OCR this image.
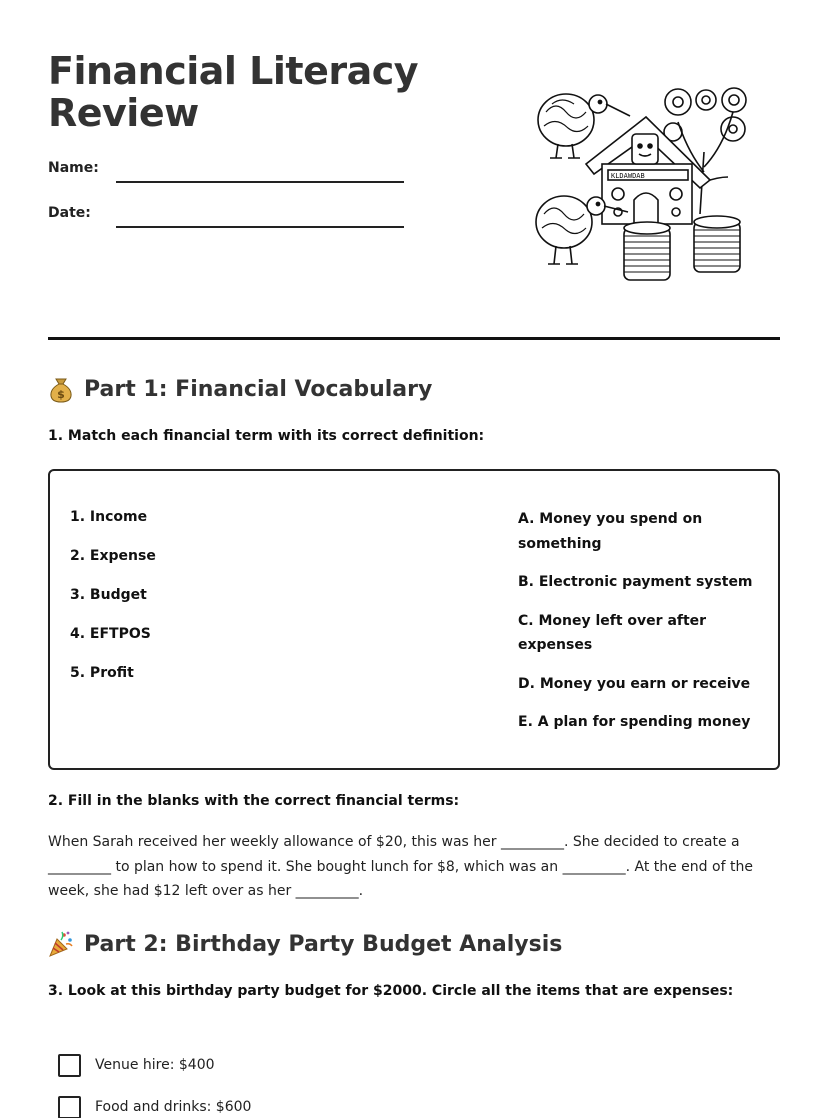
Financial Literacy Review
Name:
Date:
KLDAWDAB
$ Part 1: Financial Vocabulary

1. Match each financial term with its correct definition:

1. Income
2. Expense
3. Budget
4. EFTPOS
5. Profit
A. Money you spend on something
B. Electronic payment system
C. Money left over after expenses
D. Money you earn or receive
E. A plan for spending money

2. Fill in the blanks with the correct financial terms:

When Sarah received her weekly allowance of $20, this was her _________. She decided to create a _________ to plan how to spend it. She bought lunch for $8, which was an _________. At the end of the week, she had $12 left over as her _________.

Part 2: Birthday Party Budget Analysis

3. Look at this birthday party budget for $2000. Circle all the items that are expenses:

Venue hire: $400
Food and drinks: $600
